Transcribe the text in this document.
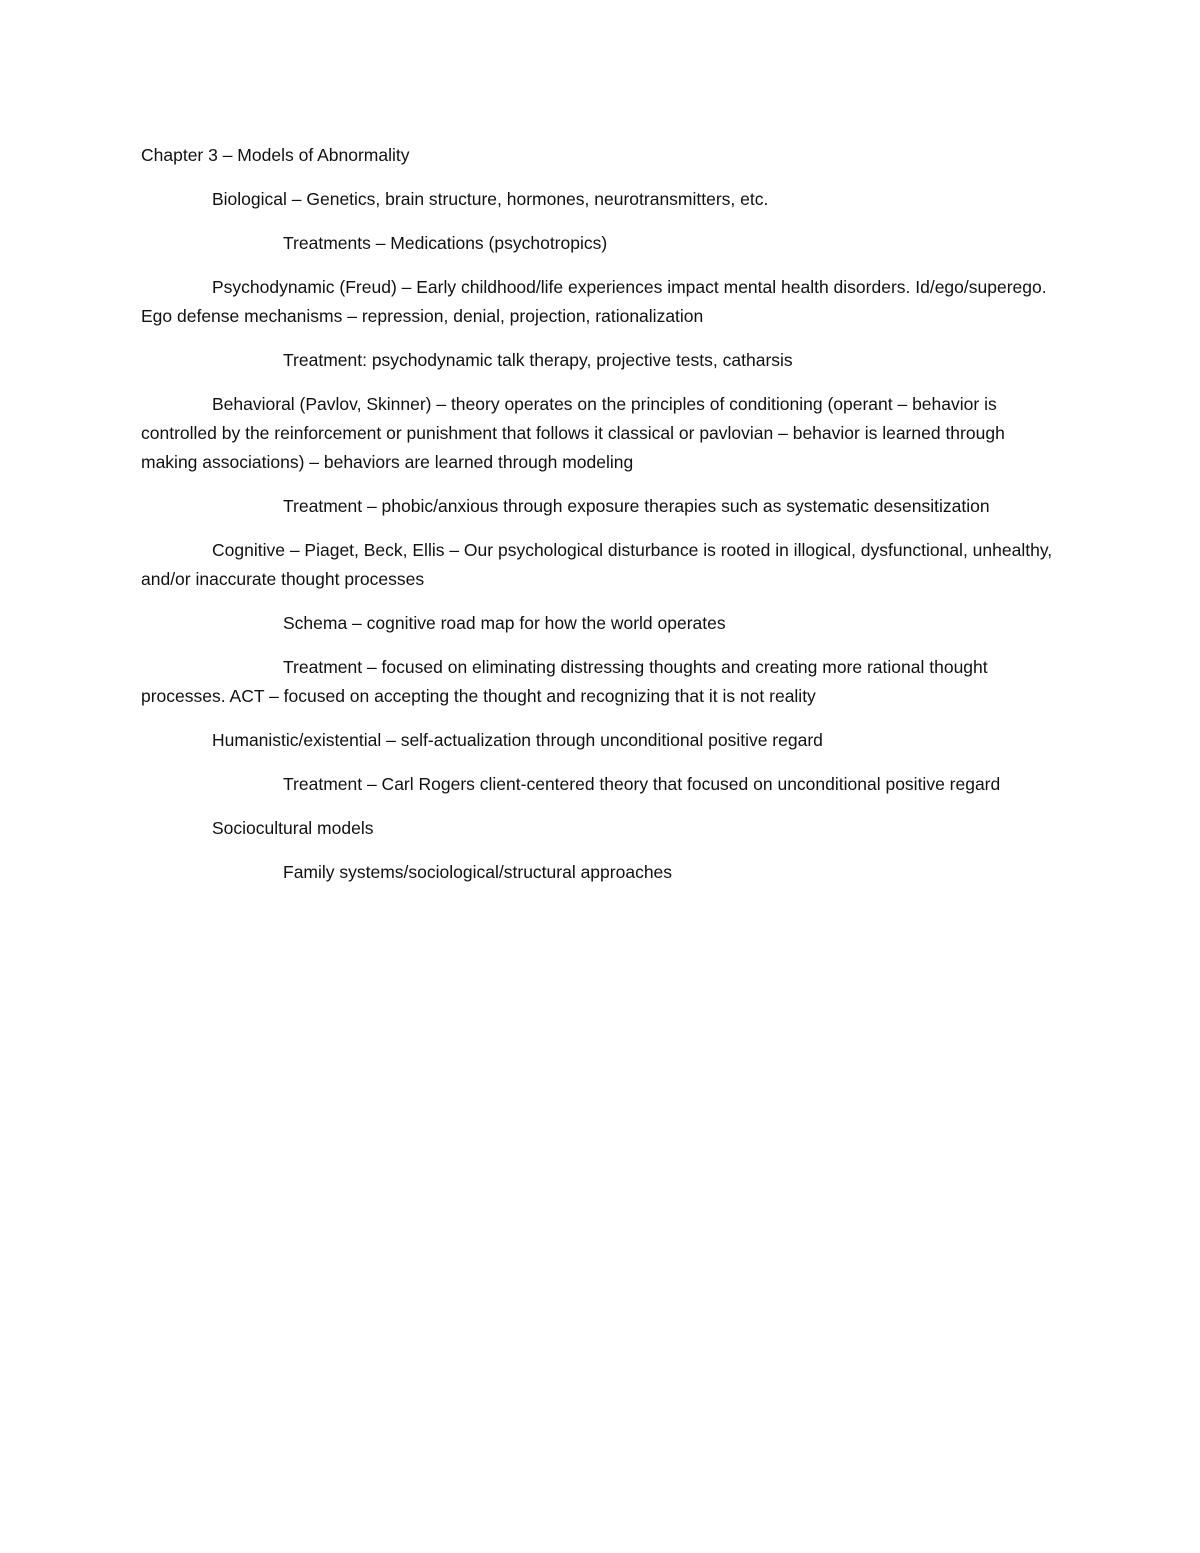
Chapter 3 – Models of Abnormality

Biological – Genetics, brain structure, hormones, neurotransmitters, etc.

Treatments – Medications (psychotropics)

Psychodynamic (Freud) – Early childhood/life experiences impact mental health disorders. Id/ego/superego. Ego defense mechanisms – repression, denial, projection, rationalization

Treatment: psychodynamic talk therapy, projective tests, catharsis

Behavioral (Pavlov, Skinner) – theory operates on the principles of conditioning (operant – behavior is controlled by the reinforcement or punishment that follows it classical or pavlovian – behavior is learned through making associations) – behaviors are learned through modeling

Treatment – phobic/anxious through exposure therapies such as systematic desensitization

Cognitive – Piaget, Beck, Ellis – Our psychological disturbance is rooted in illogical, dysfunctional, unhealthy, and/or inaccurate thought processes

Schema – cognitive road map for how the world operates

Treatment – focused on eliminating distressing thoughts and creating more rational thought processes. ACT – focused on accepting the thought and recognizing that it is not reality

Humanistic/existential – self-actualization through unconditional positive regard

Treatment – Carl Rogers client-centered theory that focused on unconditional positive regard

Sociocultural models

Family systems/sociological/structural approaches
